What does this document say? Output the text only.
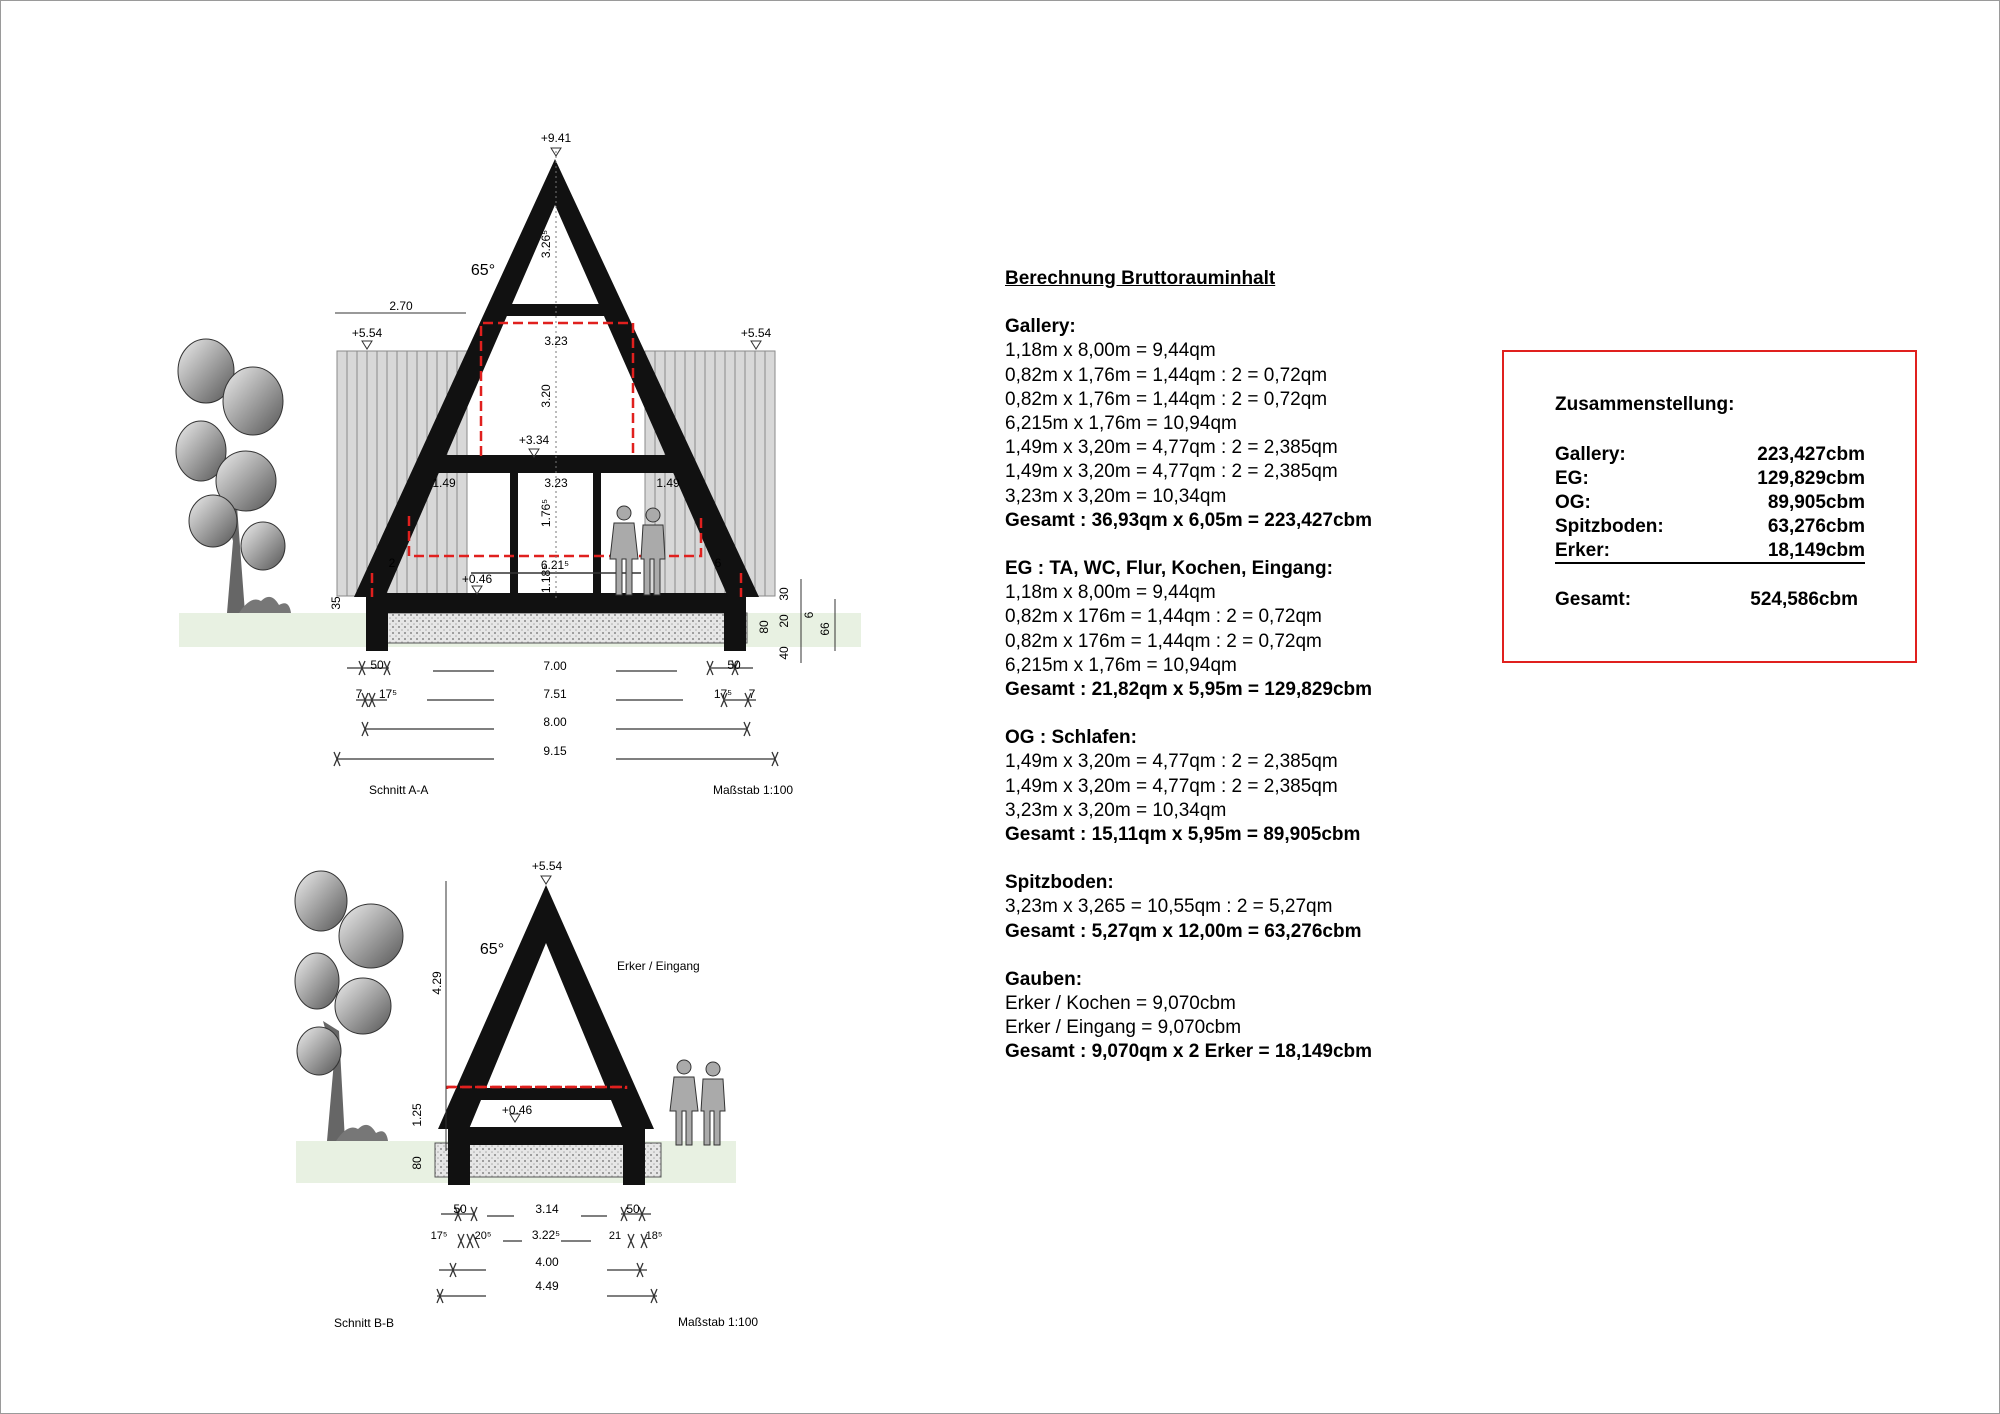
+9.41
+5.54	+5.54
+3.34
+0.46
65°
2.70
3.23
3.20
3.26⁵
3.23
1.49	1.49
1.76⁵
1.18⁵
6.21⁵
2	6
35
30
20 6
80
40
66
50	50
7 17⁵	17⁵ 7
7.00
7.51
8.00
9.15
Schnitt A-A	Maßstab 1:100
+5.54
+0.46
65°
Erker / Eingang
4.29
1.25
80
50	50
3.14
17⁵ 20⁵	3.22⁵	21 18⁵
4.00
4.49
Schnitt B-B	Maßstab 1:100
Berechnung Bruttorauminhalt
Gallery:
1,18m x 8,00m = 9,44qm
0,82m x 1,76m = 1,44qm : 2 = 0,72qm
0,82m x 1,76m = 1,44qm : 2 = 0,72qm
6,215m x 1,76m = 10,94qm
1,49m x 3,20m = 4,77qm : 2 = 2,385qm
1,49m x 3,20m = 4,77qm : 2 = 2,385qm
3,23m x 3,20m = 10,34qm
Gesamt : 36,93qm x 6,05m = 223,427cbm
EG : TA, WC, Flur, Kochen, Eingang:
1,18m x 8,00m = 9,44qm
0,82m x 176m = 1,44qm : 2 = 0,72qm
0,82m x 176m = 1,44qm : 2 = 0,72qm
6,215m x 1,76m = 10,94qm
Gesamt : 21,82qm x 5,95m = 129,829cbm
OG : Schlafen:
1,49m x 3,20m = 4,77qm : 2 = 2,385qm
1,49m x 3,20m = 4,77qm : 2 = 2,385qm
3,23m x 3,20m = 10,34qm
Gesamt : 15,11qm x 5,95m = 89,905cbm
Spitzboden:
3,23m x 3,265 = 10,55qm : 2 = 5,27qm
Gesamt : 5,27qm x 12,00m = 63,276cbm
Gauben:
Erker / Kochen = 9,070cbm
Erker / Eingang = 9,070cbm
Gesamt : 9,070qm x 2 Erker = 18,149cbm
Zusammenstellung:
Gallery:	223,427cbm
EG:	129,829cbm
OG:	89,905cbm
Spitzboden:	63,276cbm
Erker:	18,149cbm
Gesamt:	524,586cbm
